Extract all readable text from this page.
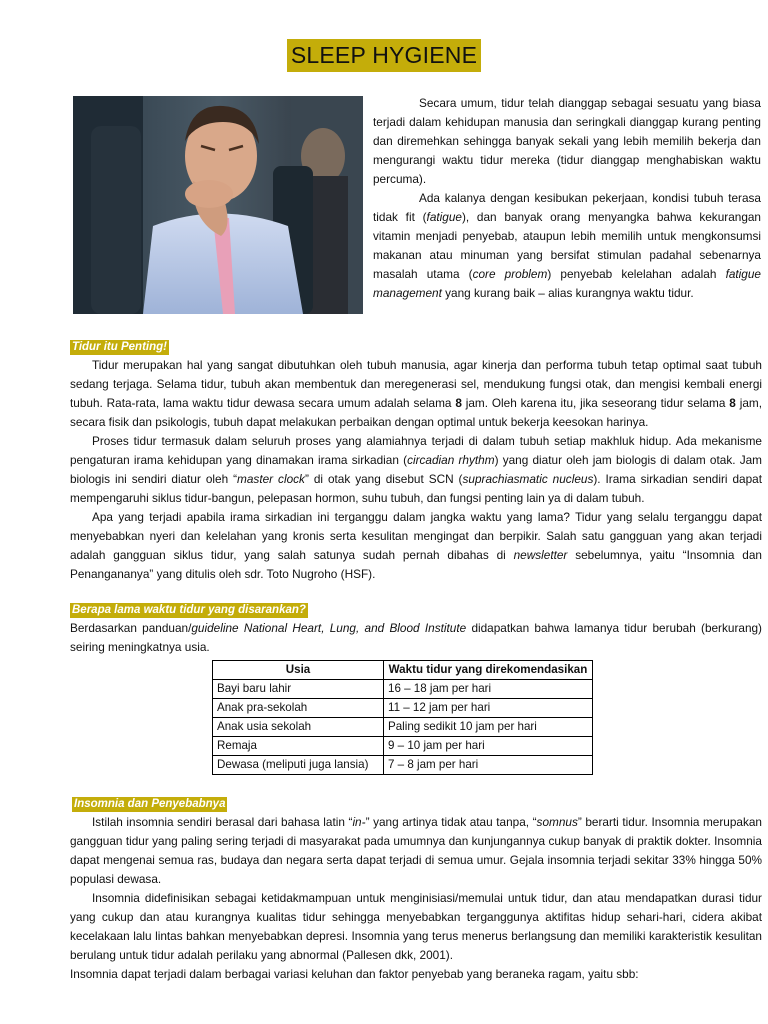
SLEEP HYGIENE

Secara umum, tidur telah dianggap sebagai sesuatu yang biasa terjadi dalam kehidupan manusia dan seringkali dianggap kurang penting dan diremehkan sehingga banyak sekali yang lebih memilih bekerja dan mengurangi waktu tidur mereka (tidur dianggap menghabiskan waktu percuma).

Ada kalanya dengan kesibukan pekerjaan, kondisi tubuh terasa tidak fit (fatigue), dan banyak orang menyangka bahwa kekurangan vitamin menjadi penyebab, ataupun lebih memilih untuk mengkonsumsi makanan atau minuman yang bersifat stimulan padahal sebenarnya masalah utama (core problem) penyebab kelelahan adalah fatigue management yang kurang baik – alias kurangnya waktu tidur.

Tidur itu Penting!

Tidur merupakan hal yang sangat dibutuhkan oleh tubuh manusia, agar kinerja dan performa tubuh tetap optimal saat tubuh sedang terjaga. Selama tidur, tubuh akan membentuk dan meregenerasi sel, mendukung fungsi otak, dan mengisi kembali energi tubuh. Rata-rata, lama waktu tidur dewasa secara umum adalah selama 8 jam. Oleh karena itu, jika seseorang tidur selama 8 jam, secara fisik dan psikologis, tubuh dapat melakukan perbaikan dengan optimal untuk bekerja keesokan harinya.

Proses tidur termasuk dalam seluruh proses yang alamiahnya terjadi di dalam tubuh setiap makhluk hidup. Ada mekanisme pengaturan irama kehidupan yang dinamakan irama sirkadian (circadian rhythm) yang diatur oleh jam biologis di dalam otak. Jam biologis ini sendiri diatur oleh “master clock” di otak yang disebut SCN (suprachiasmatic nucleus). Irama sirkadian sendiri dapat mempengaruhi siklus tidur-bangun, pelepasan hormon, suhu tubuh, dan fungsi penting lain ya di dalam tubuh.

Apa yang terjadi apabila irama sirkadian ini terganggu dalam jangka waktu yang lama? Tidur yang selalu terganggu dapat menyebabkan nyeri dan kelelahan yang kronis serta kesulitan mengingat dan berpikir. Salah satu gangguan yang akan terjadi adalah gangguan siklus tidur, yang salah satunya sudah pernah dibahas di newsletter sebelumnya, yaitu “Insomnia dan Penangananya” yang ditulis oleh sdr. Toto Nugroho (HSF).

Berapa lama waktu tidur yang disarankan?

Berdasarkan panduan/guideline National Heart, Lung, and Blood Institute didapatkan bahwa lamanya tidur berubah (berkurang) seiring meningkatnya usia.

Usia	Waktu tidur yang direkomendasikan
Bayi baru lahir	16 – 18 jam per hari
Anak pra-sekolah	11 – 12 jam per hari
Anak usia sekolah	Paling sedikit 10 jam per hari
Remaja	9 – 10 jam per hari
Dewasa (meliputi juga lansia)	7 – 8 jam per hari
Insomnia dan Penyebabnya

Istilah insomnia sendiri berasal dari bahasa latin “in-” yang artinya tidak atau tanpa, “somnus” berarti tidur. Insomnia merupakan gangguan tidur yang paling sering terjadi di masyarakat pada umumnya dan kunjungannya cukup banyak di praktik dokter. Insomnia dapat mengenai semua ras, budaya dan negara serta dapat terjadi di semua umur. Gejala insomnia terjadi sekitar 33% hingga 50% populasi dewasa.

Insomnia didefinisikan sebagai ketidakmampuan untuk menginisiasi/memulai untuk tidur, dan atau mendapatkan durasi tidur yang cukup dan atau kurangnya kualitas tidur sehingga menyebabkan terganggunya aktifitas hidup sehari-hari, cidera akibat kecelakaan lalu lintas bahkan menyebabkan depresi. Insomnia yang terus menerus berlangsung dan memiliki karakteristik kesulitan berulang untuk tidur adalah perilaku yang abnormal (Pallesen dkk, 2001).

Insomnia dapat terjadi dalam berbagai variasi keluhan dan faktor penyebab yang beraneka ragam, yaitu sbb:
